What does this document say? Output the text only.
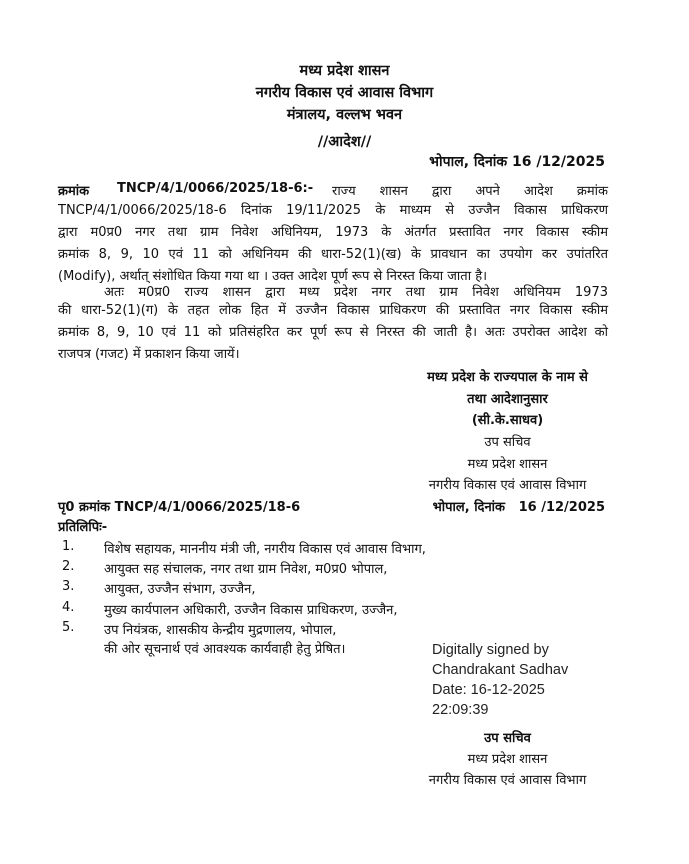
मध्य प्रदेश शासन
नगरीय विकास एवं आवास विभाग
मंत्रालय, वल्लभ भवन
//आदेश//
भोपाल, दिनांक 16 /12/2025
क्रमांक TNCP/4/1/0066/2025/18-6:- राज्य शासन द्वारा अपने आदेश क्रमांक
TNCP/4/1/0066/2025/18-6 दिनांक 19/11/2025 के माध्यम से उज्जैन विकास प्राधिकरण
द्वारा म0प्र0 नगर तथा ग्राम निवेश अधिनियम, 1973 के अंतर्गत प्रस्तावित नगर विकास स्कीम
क्रमांक 8, 9, 10 एवं 11 को अधिनियम की धारा-52(1)(ख) के प्रावधान का उपयोग कर उपांतरित
(Modify), अर्थात् संशोधित किया गया था । उक्त आदेश पूर्ण रूप से निरस्त किया जाता है।
अतः म0प्र0 राज्य शासन द्वारा मध्य प्रदेश नगर तथा ग्राम निवेश अधिनियम 1973
की धारा-52(1)(ग) के तहत लोक हित में उज्जैन विकास प्राधिकरण की प्रस्तावित नगर विकास स्कीम
क्रमांक 8, 9, 10 एवं 11 को प्रतिसंहरित कर पूर्ण रूप से निरस्त की जाती है। अतः उपरोक्त आदेश को
राजपत्र (गजट) में प्रकाशन किया जायें।
मध्य प्रदेश के राज्यपाल के नाम से
तथा आदेशानुसार
(सी.के.साधव)
उप सचिव
मध्य प्रदेश शासन
नगरीय विकास एवं आवास विभाग
पृ0 क्रमांक TNCP/4/1/0066/2025/18-6	भोपाल, दिनांक   16 /12/2025
प्रतिलिपिः-
1. विशेष सहायक, माननीय मंत्री जी, नगरीय विकास एवं आवास विभाग,
2. आयुक्त सह संचालक, नगर तथा ग्राम निवेश, म0प्र0 भोपाल,
3. आयुक्त, उज्जैन संभाग, उज्जैन,
4. मुख्य कार्यपालन अधिकारी, उज्जैन विकास प्राधिकरण, उज्जैन,
5. उप नियंत्रक, शासकीय केन्द्रीय मुद्रणालय, भोपाल,
की ओर सूचनार्थ एवं आवश्यक कार्यवाही हेतु प्रेषित।	Digitally signed by
Chandrakant Sadhav
Date: 16-12-2025
22:09:39
उप सचिव
मध्य प्रदेश शासन
नगरीय विकास एवं आवास विभाग
